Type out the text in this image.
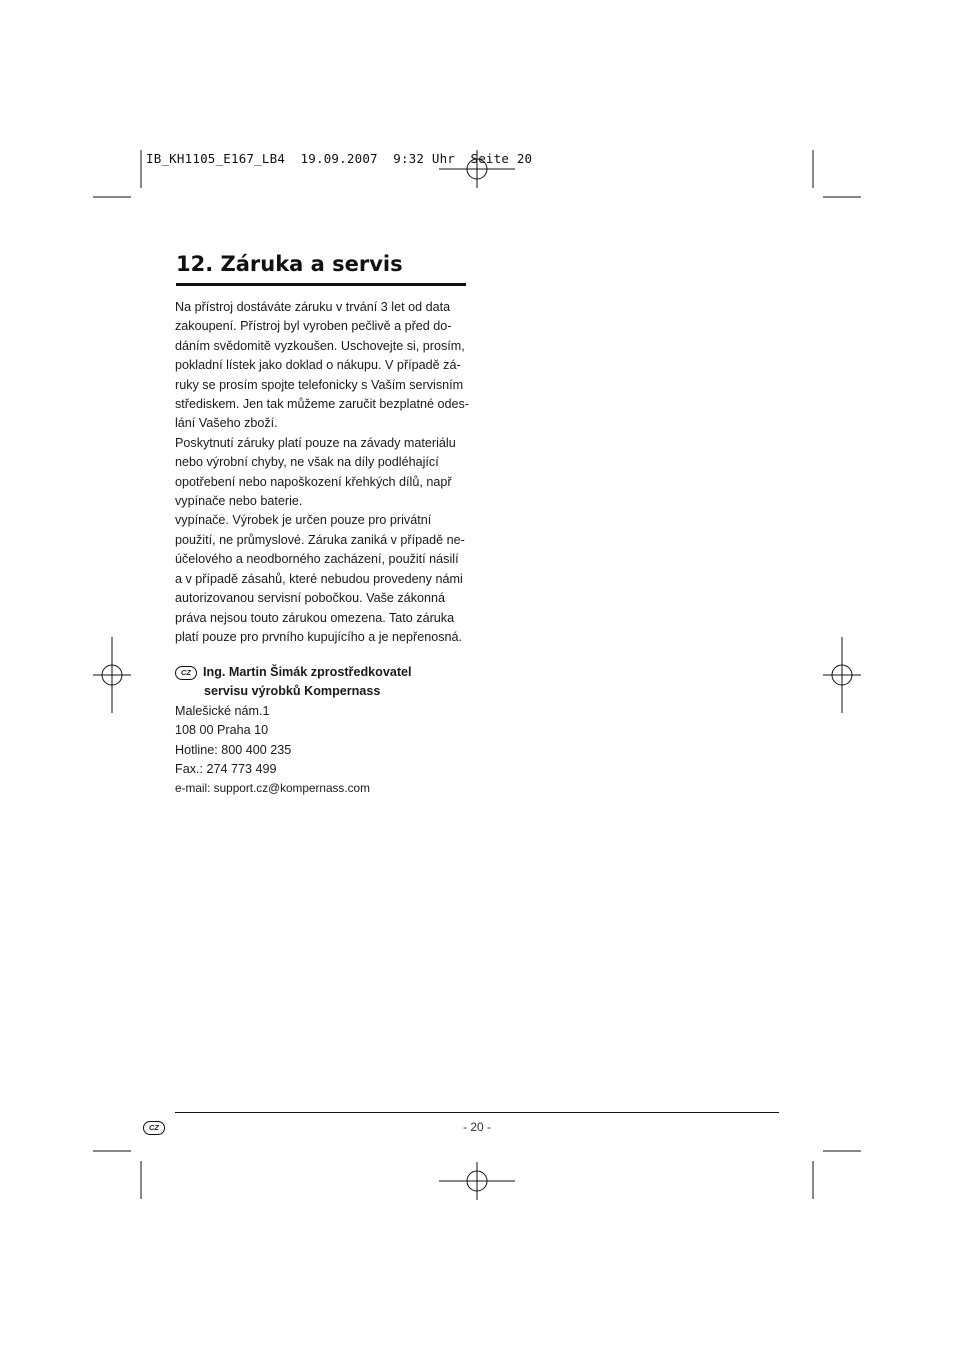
IB_KH1105_E167_LB4  19.09.2007  9:32 Uhr  Seite 20
12. Záruka a servis
Na přístroj dostáváte záruku v trvání 3 let od data
zakoupení. Přístroj byl vyroben pečlivě a před do-
dáním svědomitě vyzkoušen. Uschovejte si, prosím,
pokladní lístek jako doklad o nákupu. V případě zá-
ruky se prosím spojte telefonicky s Vaším servisním
střediskem. Jen tak můžeme zaručit bezplatné odes-
lání Vašeho zboží.
Poskytnutí záruky platí pouze na závady materiálu
nebo výrobní chyby, ne však na díly podléhající
opotřebení nebo napoškození křehkých dílů, např
vypínače nebo baterie.
vypínače. Výrobek je určen pouze pro privátní
použití, ne průmyslové. Záruka zaniká v případě ne-
účelového a neodborného zacházení, použití násilí
a v případě zásahů, které nebudou provedeny námi
autorizovanou servisní pobočkou. Vaše zákonná
práva nejsou touto zárukou omezena. Tato záruka
platí pouze pro prvního kupujícího a je nepřenosná.
CZ Ing. Martin Šimák zprostředkovatel
servisu výrobků Kompernass
Malešické nám.1
108 00 Praha 10
Hotline: 800 400 235
Fax.: 274 773 499
e-mail: support.cz@kompernass.com
CZ	- 20 -
